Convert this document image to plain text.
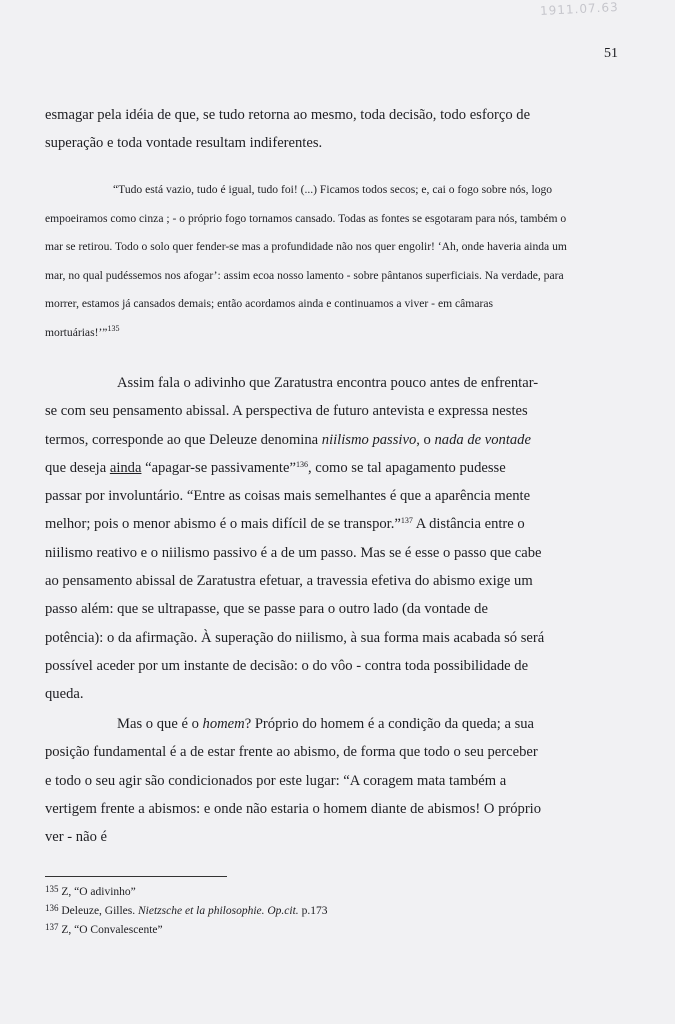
1911.07.63
51

esmagar pela idéia de que, se tudo retorna ao mesmo, toda decisão, todo esforço de superação e toda vontade resultam indiferentes.

“Tudo está vazio, tudo é igual, tudo foi! (...) Ficamos todos secos; e, cai o fogo sobre nós, logo empoeiramos como cinza ; - o próprio fogo tornamos cansado. Todas as fontes se esgotaram para nós, também o mar se retirou. Todo o solo quer fender-se mas a profundidade não nos quer engolir! ‘Ah, onde haveria ainda um mar, no qual pudéssemos nos afogar’: assim ecoa nosso lamento - sobre pântanos superficiais. Na verdade, para morrer, estamos já cansados demais; então acordamos ainda e continuamos a viver - em câmaras mortuárias!’”$^{135}$

Assim fala o adivinho que Zaratustra encontra pouco antes de enfrentar-se com seu pensamento abissal. A perspectiva de futuro antevista e expressa nestes termos, corresponde ao que Deleuze denomina niilismo passivo, o nada de vontade que deseja ainda “apagar-se passivamente”$^{136}$, como se tal apagamento pudesse passar por involuntário. “Entre as coisas mais semelhantes é que a aparência mente melhor; pois o menor abismo é o mais difícil de se transpor.”$^{137}$ A distância entre o niilismo reativo e o niilismo passivo é a de um passo. Mas se é esse o passo que cabe ao pensamento abissal de Zaratustra efetuar, a travessia efetiva do abismo exige um passo além: que se ultrapasse, que se passe para o outro lado (da vontade de potência): o da afirmação. À superação do niilismo, à sua forma mais acabada só será possível aceder por um instante de decisão: o do vôo - contra toda possibilidade de queda.

Mas o que é o homem? Próprio do homem é a condição da queda; a sua posição fundamental é a de estar frente ao abismo, de forma que todo o seu perceber e todo o seu agir são condicionados por este lugar: “A coragem mata também a vertigem frente a abismos: e onde não estaria o homem diante de abismos! O próprio ver - não é

$^{135}$ Z, “O adivinho”
$^{136}$ Deleuze, Gilles. Nietzsche et la philosophie. Op.cit. p.173
$^{137}$ Z, “O Convalescente”
